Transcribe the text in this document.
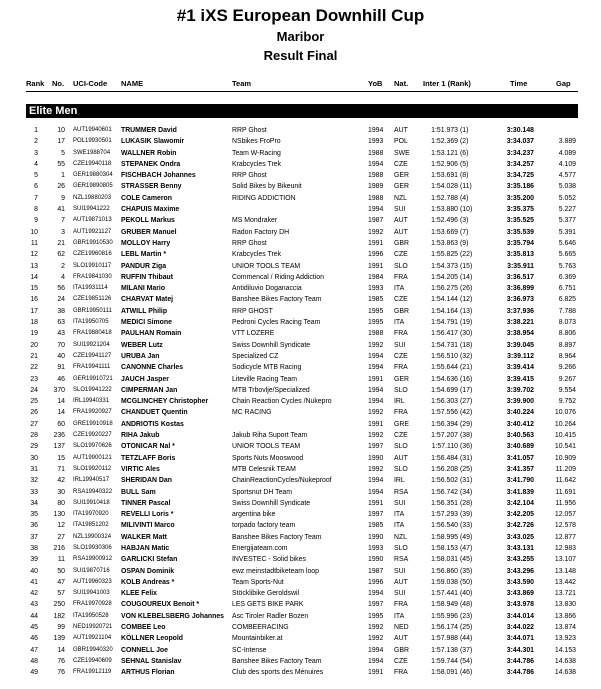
#1 iXS European Downhill Cup
Maribor
Result Final
Rank No. UCI-Code NAME	Team	YoB Nat. Inter 1 (Rank)	Time	Gap
Elite Men
1	10 AUT19940601	TRUMMER David	RRP Ghost	1994	AUT	1:51.973 (1)	3:30.148
2	17 POL19930501	LUKASIK Slawomir	NSbikes FroPro	1993	POL	1:52.369 (2)	3:34.037	3.889
3	5 SWE1988704	WALLNER Robin	Team W-Racing	1988	SWE	1:53.121 (6)	3:34.237	4.089
4	55 CZE19940118	STEPANEK Ondra	Krabcycles Trek	1994	CZE	1:52.906 (5)	3:34.257	4.109
5	1 GER19880304	FISCHBACH Johannes	RRP Ghost	1988	GER	1:53.691 (8)	3:34.725	4.577
6	26 GER19890805	STRASSER Benny	Solid Bikes by Bikeunit	1989	GER	1:54.028 (11)	3:35.186	5.038
7	9 NZL19880203	COLE Cameron	RIDING ADDICTION	1988	NZL	1:52.788 (4)	3:35.200	5.052
8	41 SUI19941222	CHAPUIS Maxime	1994	SUI	1:53.880 (10)	3:35.375	5.227
9	7 AUT19871013	PEKOLL Markus	MS Mondraker	1987	AUT	1:52.496 (3)	3:35.525	5.377
10	3 AUT19921127	GRUBER Manuel	Radon Factory DH	1992	AUT	1:53.669 (7)	3:35.539	5.391
11	21 GBR19910530	MOLLOY Harry	RRP Ghost	1991	GBR	1:53.863 (9)	3:35.794	5.646
12	62 CZE19960816	LEBL Martin *	Krabcycles Trek	1996	CZE	1:55.825 (22)	3:35.813	5.665
13	2 SLO19910117	PANDUR Ziga	UNIOR TOOLS TEAM	1991	SLO	1:54.373 (15)	3:35.911	5.763
14	4 FRA19841030	RUFFIN Thibaut	Commencal / Riding Addiction	1984	FRA	1:54.205 (14)	3:36.517	6.369
15	56 ITA19931114	MILANI Mario	Antidiluvio Doganaccia	1993	ITA	1:56.275 (26)	3:36.899	6.751
16	24 CZE19851126	CHARVAT Matej	Banshee Bikes Factory Team	1985	CZE	1:54.144 (12)	3:36.973	6.825
17	38 GBR19950111	ATWILL Philip	RRP GHOST	1995	GBR	1:54.164 (13)	3:37.936	7.788
18	63 ITA19950705	MEDICI Simone	Pedroni Cycles Racing Team	1995	ITA	1:54.791 (19)	3:38.221	8.073
19	43 FRA19880418	PAULHAN Romain	VTT LOZERE	1988	FRA	1:56.417 (30)	3:38.954	8.806
20	70 SUI19921204	WEBER Lutz	Swiss Downhill Syndicate	1992	SUI	1:54.731 (18)	3:39.045	8.897
21	40 CZE19941127	URUBA Jan	Specialized CZ	1994	CZE	1:56.510 (32)	3:39.112	8.964
22	91 FRA19941111	CANONNE Charles	Sodicycle MTB Racing	1994	FRA	1:55.644 (21)	3:39.414	9.266
23	46 GER19910721	JAUCH Jasper	Liteville Racing Team	1991	GER	1:54.636 (16)	3:39.415	9.267
24	370 SLO19941222	CIMPERMAN Jan	MTB Trbovlje/Specialized	1994	SLO	1:54.699 (17)	3:39.702	9.554
25	14 IRL19940331	MCGLINCHEY Christopher	Chain Reaction Cycles /Nukepro	1994	IRL	1:56.303 (27)	3:39.900	9.752
26	14 FRA19920927	CHANDUET Quentin	MC RACING	1992	FRA	1:57.556 (42)	3:40.224	10.076
27	60 GRE19910918	ANDRIOTIS Kostas	1991	GRE	1:56.394 (29)	3:40.412	10.264
28	236 CZE19920227	RIHA Jakub	Jakub Riha Suport Team	1992	CZE	1:57.207 (38)	3:40.563	10.415
29	137 SLO19970626	OTONICAR Nal *	UNIOR TOOLS TEAM	1997	SLO	1:57.110 (36)	3:40.689	10.541
30	15 AUT19900121	TETZLAFF Boris	Sports Nuts Mooswood	1990	AUT	1:56.484 (31)	3:41.057	10.909
31	71 SLO19920112	VIRTIC Ales	MTB Celesnik TEAM	1992	SLO	1:56.208 (25)	3:41.357	11.209
32	42 IRL19940517	SHERIDAN Dan	ChainReactionCycles/Nukeproof	1994	IRL	1:56.502 (31)	3:41.790	11.642
33	30 RSA19940322	BULL Sam	Sportsnut DH Team	1994	RSA	1:56.742 (34)	3:41.839	11.691
34	80 SUI19910418	TINNER Pascal	Swiss Downhill Syndicate	1991	SUI	1:56.351 (28)	3:42.104	11.956
35	130 ITA19970920	REVELLI Loris *	argentina bike	1997	ITA	1:57.293 (39)	3:42.205	12.057
36	12 ITA19851202	MILIVINTI Marco	torpado factory team	1985	ITA	1:56.540 (33)	3:42.726	12.578
37	27 NZL19900324	WALKER Matt	Banshee Bikes Factory Team	1990	NZL	1:58.995 (49)	3:43.025	12.877
38	216 SLO19930306	HABJAN Matic	Energijateam.com	1993	SLO	1:58.153 (47)	3:43.131	12.983
39	11 RSA19900912	GARLICKI Stefan	INVESTEC - Solid bikes	1990	RSA	1:58.031 (45)	3:43.255	13.107
40	50 SUI19870716	OSPAN Dominik	ewz meinstadtbiketeam loop	1987	SUI	1:56.860 (35)	3:43.296	13.148
41	47 AUT19960323	KOLB Andreas *	Team Sports-Nut	1996	AUT	1:59.038 (50)	3:43.590	13.442
42	57 SUI19941003	KLEE Felix	Stöcklibike Geroldswil	1994	SUI	1:57.441 (40)	3:43.869	13.721
43	250 FRA19970928	COUGOUREUX Benoit *	LES GETS BIKE PARK	1997	FRA	1:58.949 (48)	3:43.978	13.830
44	182 ITA19950528	VON KLEBELSBERG Johannes	Asc Tiroler Radler Bozen	1995	ITA	1:55.996 (23)	3:44.014	13.866
45	99 NED19920721	COMBEE Leo	COMBEERACING	1992	NED	1:56.174 (25)	3:44.022	13.874
46	139 AUT19921104	KÖLLNER Leopold	Mountainbiker.at	1992	AUT	1:57.988 (44)	3:44.071	13.923
47	14 GBR19940320	CONNELL Joe	SC-Intense	1994	GBR	1:57.138 (37)	3:44.301	14.153
48	76 CZE19940609	SEHNAL Stanislav	Banshee Bikes Factory Team	1994	CZE	1:59.744 (54)	3:44.786	14.638
49	76 FRA19912119	ARTHUS Florian	Club des sports des Ménuires	1991	FRA	1:58.091 (46)	3:44.786	14.638
